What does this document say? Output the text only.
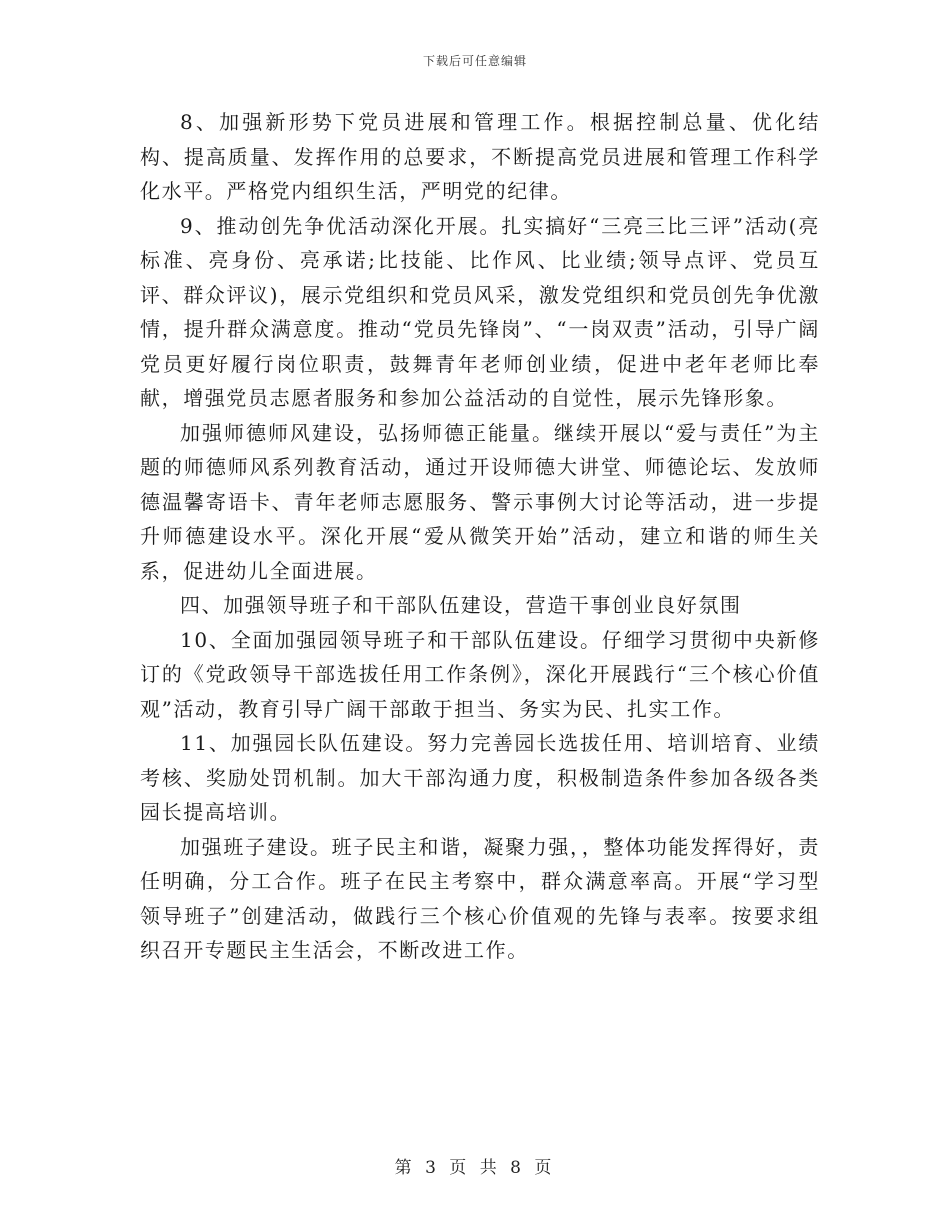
下载后可任意编辑

8、加强新形势下党员进展和管理工作。根据控制总量、优化结构、提高质量、发挥作用的总要求，不断提高党员进展和管理工作科学化水平。严格党内组织生活，严明党的纪律。

9、推动创先争优活动深化开展。扎实搞好“三亮三比三评”活动(亮标准、亮身份、亮承诺;比技能、比作风、比业绩;领导点评、党员互评、群众评议)，展示党组织和党员风采，激发党组织和党员创先争优激情，提升群众满意度。推动“党员先锋岗”、“一岗双责”活动，引导广阔党员更好履行岗位职责，鼓舞青年老师创业绩，促进中老年老师比奉献，增强党员志愿者服务和参加公益活动的自觉性，展示先锋形象。

加强师德师风建设，弘扬师德正能量。继续开展以“爱与责任”为主题的师德师风系列教育活动，通过开设师德大讲堂、师德论坛、发放师德温馨寄语卡、青年老师志愿服务、警示事例大讨论等活动，进一步提升师德建设水平。深化开展“爱从微笑开始”活动，建立和谐的师生关系，促进幼儿全面进展。

四、加强领导班子和干部队伍建设，营造干事创业良好氛围

10、全面加强园领导班子和干部队伍建设。仔细学习贯彻中央新修订的《党政领导干部选拔任用工作条例》，深化开展践行“三个核心价值观”活动，教育引导广阔干部敢于担当、务实为民、扎实工作。

11、加强园长队伍建设。努力完善园长选拔任用、培训培育、业绩考核、奖励处罚机制。加大干部沟通力度，积极制造条件参加各级各类园长提高培训。

加强班子建设。班子民主和谐，凝聚力强，，整体功能发挥得好，责任明确，分工合作。班子在民主考察中，群众满意率高。开展“学习型领导班子”创建活动，做践行三个核心价值观的先锋与表率。按要求组织召开专题民主生活会，不断改进工作。

第 3 页 共 8 页
